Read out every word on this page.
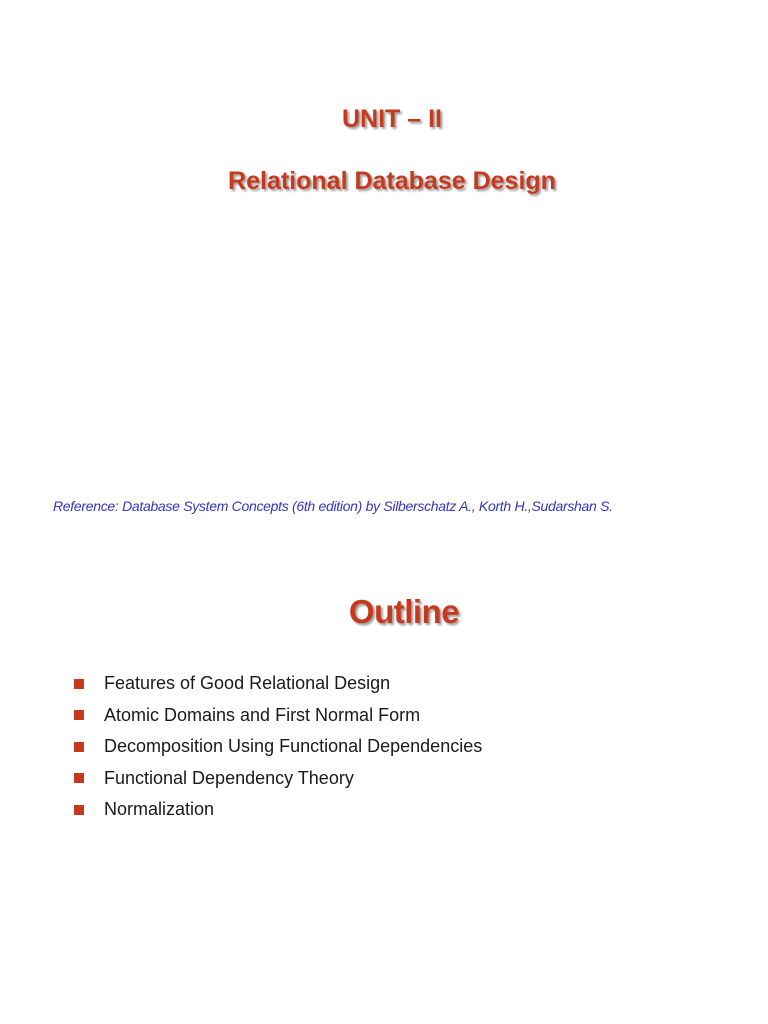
UNIT – II
Relational Database Design
Reference: Database System Concepts (6th edition) by Silberschatz A., Korth H.,Sudarshan S.
Outline
Features of Good Relational Design
Atomic Domains and First Normal Form
Decomposition Using Functional Dependencies
Functional Dependency Theory
Normalization
